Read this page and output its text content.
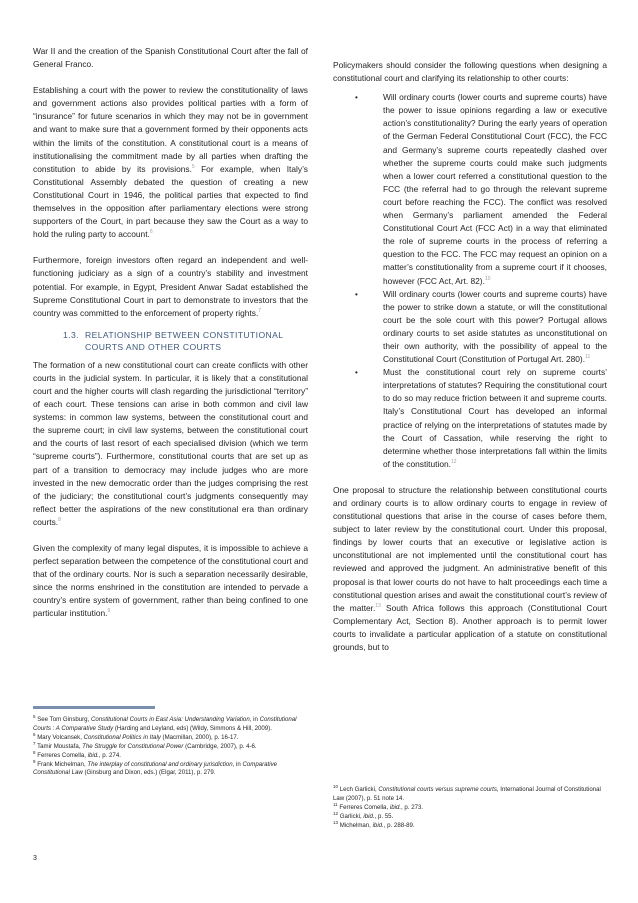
War II and the creation of the Spanish Constitutional Court after the fall of General Franco.

Establishing a court with the power to review the constitutionality of laws and government actions also provides political parties with a form of “insurance” for future scenarios in which they may not be in government and want to make sure that a government formed by their opponents acts within the limits of the constitution. A constitutional court is a means of institutionalising the commitment made by all parties when drafting the constitution to abide by its provisions.$^5$ For example, when Italy’s Constitutional Assembly debated the question of creating a new Constitutional Court in 1946, the political parties that expected to find themselves in the opposition after parliamentary elections were strong supporters of the Court, in part because they saw the Court as a way to hold the ruling party to account.$^6$

Furthermore, foreign investors often regard an independent and well-functioning judiciary as a sign of a country’s stability and investment potential. For example, in Egypt, President Anwar Sadat established the Supreme Constitutional Court in part to demonstrate to investors that the country was committed to the enforcement of property rights.$^7$

1.3. RELATIONSHIP BETWEEN CONSTITUTIONAL COURTS AND OTHER COURTS

The formation of a new constitutional court can create conflicts with other courts in the judicial system. In particular, it is likely that a constitutional court and the higher courts will clash regarding the jurisdictional “territory” of each court. These tensions can arise in both common and civil law systems: in common law systems, between the constitutional court and the supreme court; in civil law systems, between the constitutional court and the courts of last resort of each specialised division (which we term “supreme courts”). Furthermore, constitutional courts that are set up as part of a transition to democracy may include judges who are more invested in the new democratic order than the judges comprising the rest of the judiciary; the constitutional court’s judgments consequently may reflect better the aspirations of the new constitutional era than ordinary courts.$^8$

Given the complexity of many legal disputes, it is impossible to achieve a perfect separation between the competence of the constitutional court and that of the ordinary courts. Nor is such a separation necessarily desirable, since the norms enshrined in the constitution are intended to pervade a country’s entire system of government, rather than being confined to one particular institution.$^9$

Policymakers should consider the following questions when designing a constitutional court and clarifying its relationship to other courts:

•	Will ordinary courts (lower courts and supreme courts) have the power to issue opinions regarding a law or executive action’s constitutionality? During the early years of operation of the German Federal Constitutional Court (FCC), the FCC and Germany’s supreme courts repeatedly clashed over whether the supreme courts could make such judgments when a lower court referred a constitutional question to the FCC (the referral had to go through the relevant supreme court before reaching the FCC). The conflict was resolved when Germany’s parliament amended the Federal Constitutional Court Act (FCC Act) in a way that eliminated the role of supreme courts in the process of referring a question to the FCC. The FCC may request an opinion on a matter’s constitutionality from a supreme court if it chooses, however (FCC Act, Art. 82).$^{10}$
•	Will ordinary courts (lower courts and supreme courts) have the power to strike down a statute, or will the constitutional court be the sole court with this power? Portugal allows ordinary courts to set aside statutes as unconstitutional on their own authority, with the possibility of appeal to the Constitutional Court (Constitution of Portugal Art. 280).$^{11}$
•	Must the constitutional court rely on supreme courts’ interpretations of statutes? Requiring the constitutional court to do so may reduce friction between it and supreme courts. Italy’s Constitutional Court has developed an informal practice of relying on the interpretations of statutes made by the Court of Cassation, while reserving the right to determine whether those interpretations fall within the limits of the constitution.$^{12}$

One proposal to structure the relationship between constitutional courts and ordinary courts is to allow ordinary courts to engage in review of constitutional questions that arise in the course of cases before them, subject to later review by the constitutional court. Under this proposal, findings by lower courts that an executive or legislative action is unconstitutional are not implemented until the constitutional court has reviewed and approved the judgment. An administrative benefit of this proposal is that lower courts do not have to halt proceedings each time a constitutional question arises and await the constitutional court’s review of the matter.$^{13}$ South Africa follows this approach (Constitutional Court Complementary Act, Section 8). Another approach is to permit lower courts to invalidate a particular application of a statute on constitutional grounds, but to

$^5$ See Tom Ginsburg, Constitutional Courts in East Asia: Understanding Variation, in Constitutional Courts : A Comparative Study (Harding and Leyland, eds) (Wildy, Simmons & Hill, 2009).
$^6$ Mary Volcansek, Constitutional Politics in Italy (Macmillan, 2000), p. 16-17.
$^7$ Tamir Moustafa, The Struggle for Constitutional Power (Cambridge, 2007), p. 4-6.
$^8$ Ferreres Comella, ibid., p. 274.
$^9$ Frank Michelman, The interplay of constitutional and ordinary jurisdiction, in Comparative Constitutional Law (Ginsburg and Dixon, eds.) (Elgar, 2011), p. 279.
$^{10}$ Lech Garlicki, Constitutional courts versus supreme courts, International Journal of Constitutional Law (2007), p. 51 note 14.
$^{11}$ Ferreres Comella, ibid., p. 273.
$^{12}$ Garlicki, ibid., p. 55.
$^{13}$ Michelman, ibid., p. 288-89.
3
